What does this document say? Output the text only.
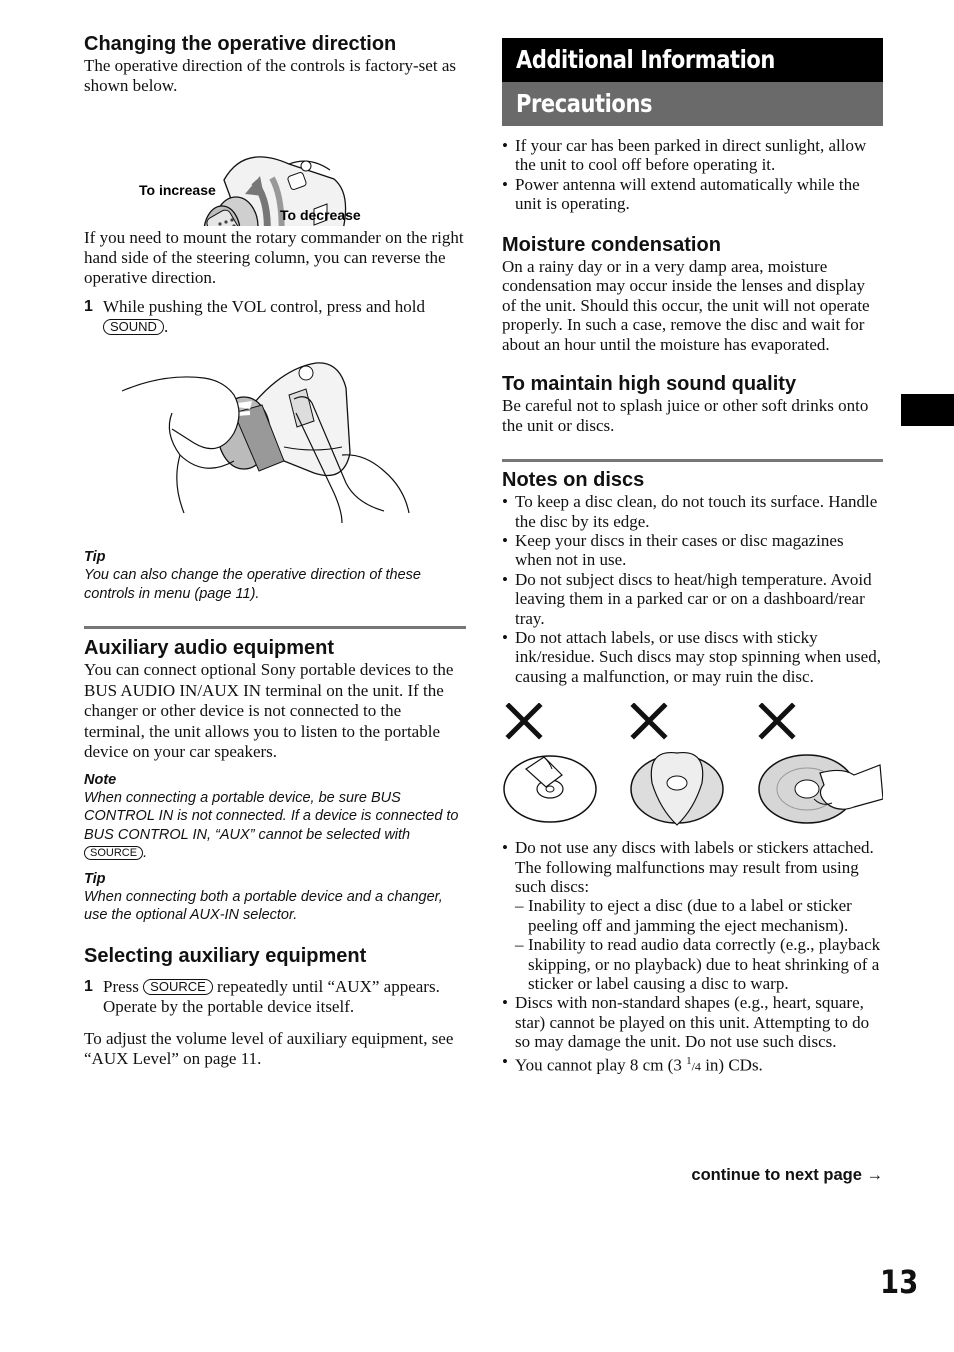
Changing the operative direction

The operative direction of the controls is factory-set as shown below.

To increase
To decrease

If you need to mount the rotary commander on the right hand side of the steering column, you can reverse the operative direction.

1 While pushing the VOL control, press and hold SOUND .

Tip

You can also change the operative direction of these controls in menu (page 11).

Auxiliary audio equipment

You can connect optional Sony portable devices to the BUS AUDIO IN/AUX IN terminal on the unit. If the changer or other device is not connected to the terminal, the unit allows you to listen to the portable device on your car speakers.

Note

When connecting a portable device, be sure BUS CONTROL IN is not connected. If a device is connected to BUS CONTROL IN, “AUX” cannot be selected with SOURCE .

Tip

When connecting both a portable device and a changer, use the optional AUX-IN selector.

Selecting auxiliary equipment
1 Press SOURCE repeatedly until “AUX” appears.
Operate by the portable device itself.

To adjust the volume level of auxiliary equipment, see “AUX Level” on page 11.

Additional Information
Precautions
• If your car has been parked in direct sunlight, allow the unit to cool off before operating it.
• Power antenna will extend automatically while the unit is operating.
Moisture condensation

On a rainy day or in a very damp area, moisture condensation may occur inside the lenses and display of the unit. Should this occur, the unit will not operate properly. In such a case, remove the disc and wait for about an hour until the moisture has evaporated.

To maintain high sound quality

Be careful not to splash juice or other soft drinks onto the unit or discs.

Notes on discs
• To keep a disc clean, do not touch its surface. Handle the disc by its edge.
• Keep your discs in their cases or disc magazines when not in use.
• Do not subject discs to heat/high temperature. Avoid leaving them in a parked car or on a dashboard/rear tray.
• Do not attach labels, or use discs with sticky ink/residue. Such discs may stop spinning when used, causing a malfunction, or may ruin the disc.
• Do not use any discs with labels or stickers attached.
The following malfunctions may result from using such discs:
– Inability to eject a disc (due to a label or sticker peeling off and jamming the eject mechanism).
– Inability to read audio data correctly (e.g., playback skipping, or no playback) due to heat shrinking of a sticker or label causing a disc to warp.
• Discs with non-standard shapes (e.g., heart, square, star) cannot be played on this unit. Attempting to do so may damage the unit. Do not use such discs.
• You cannot play 8 cm (3 $^1$/4 in) CDs.
continue to next page →
13
